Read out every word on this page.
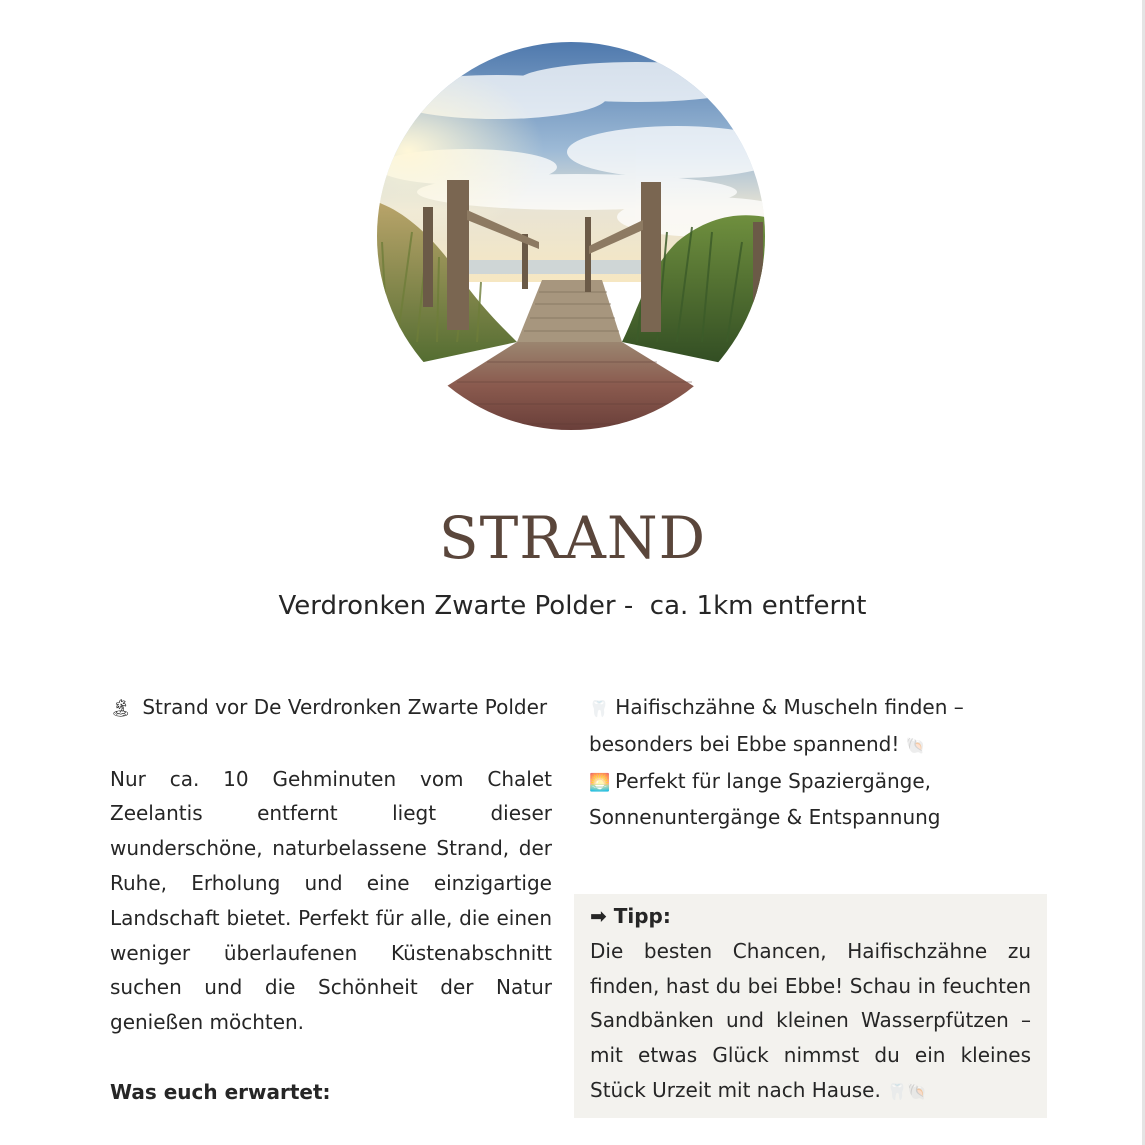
STRAND
Verdronken Zwarte Polder -  ca. 1km entfernt

🏝 Strand vor De Verdronken Zwarte Polder

Nur ca. 10 Gehminuten vom Chalet Zeelantis entfernt liegt dieser wunderschöne, naturbelassene Strand, der Ruhe, Erholung und eine einzigartige Landschaft bietet. Perfekt für alle, die einen weniger überlaufenen Küstenabschnitt suchen und die Schönheit der Natur genießen möchten.

Was euch erwartet:

🦷 Haifischzähne & Muscheln finden – besonders bei Ebbe spannend! 🐚

🌅 Perfekt für lange Spaziergänge, Sonnenuntergänge & Entspannung

➡ Tipp:

Die besten Chancen, Haifischzähne zu finden, hast du bei Ebbe! Schau in feuchten Sandbänken und kleinen Wasserpfützen – mit etwas Glück nimmst du ein kleines Stück Urzeit mit nach Hause. 🦷🐚
